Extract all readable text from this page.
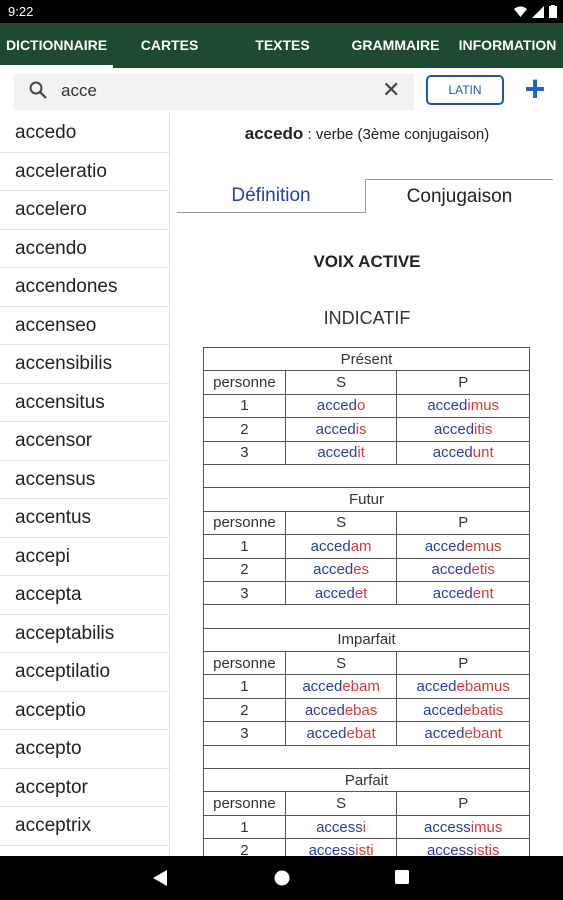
9:22
DICTIONNAIRE	CARTES	TEXTES	GRAMMAIRE	INFORMATION
acce	✕	LATIN	+
accedo
acceleratio
accelero
accendo
accendones
accenseo
accensibilis
accensitus
accensor
accensus
accentus
accepi
accepta
acceptabilis
acceptilatio
acceptio
accepto
acceptor
acceptrix
accedo : verbe (3ème conjugaison)
Définition	Conjugaison
VOIX ACTIVE
INDICATIF
Présent		
personne	S	P
1	accedo	accedimus
2	accedis	acceditis
3	accedit	accedunt

Futur		
personne	S	P
1	accedam	accedemus
2	accedes	accedetis
3	accedet	accedent

Imparfait		
personne	S	P
1	accedebam	accedebamus
2	accedebas	accedebatis
3	accedebat	accedebant

Parfait		
personne	S	P
1	accessi	accessimus
2	accessisti	accessistis
